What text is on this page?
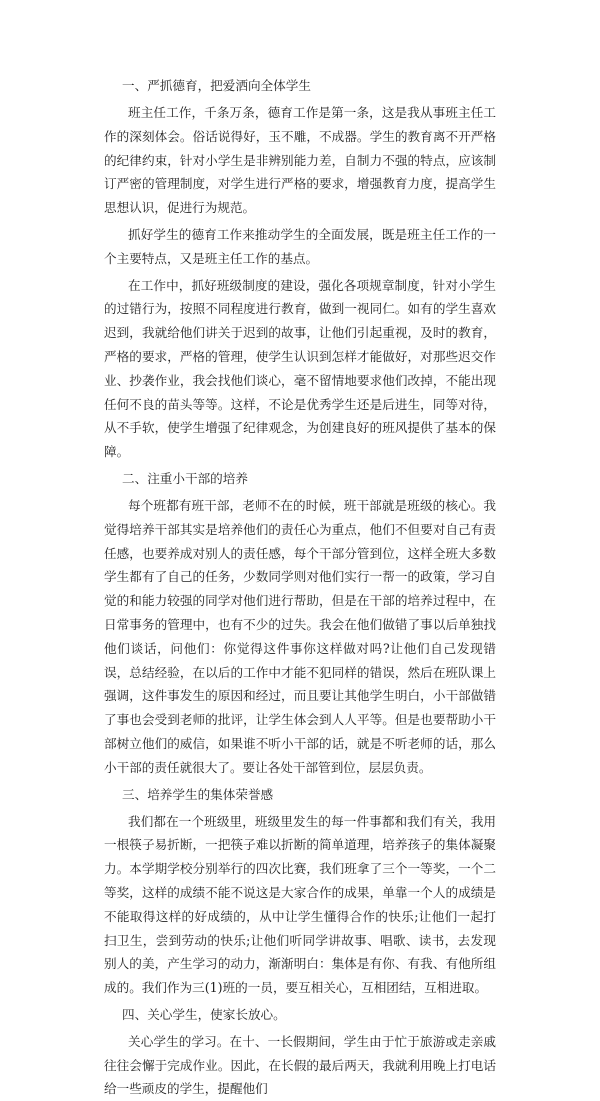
一、严抓德育，把爱洒向全体学生

班主任工作，千条万条，德育工作是第一条，这是我从事班主任工作的深刻体会。俗话说得好，玉不雕，不成器。学生的教育离不开严格的纪律约束，针对小学生是非辨别能力差，自制力不强的特点，应该制订严密的管理制度，对学生进行严格的要求，增强教育力度，提高学生思想认识，促进行为规范。

抓好学生的德育工作来推动学生的全面发展，既是班主任工作的一个主要特点，又是班主任工作的基点。

在工作中，抓好班级制度的建设，强化各项规章制度，针对小学生的过错行为，按照不同程度进行教育，做到一视同仁。如有的学生喜欢迟到，我就给他们讲关于迟到的故事，让他们引起重视，及时的教育，严格的要求，严格的管理，使学生认识到怎样才能做好，对那些迟交作业、抄袭作业，我会找他们谈心，毫不留情地要求他们改掉，不能出现任何不良的苗头等等。这样，不论是优秀学生还是后进生，同等对待，从不手软，使学生增强了纪律观念，为创建良好的班风提供了基本的保障。

二、注重小干部的培养

每个班都有班干部，老师不在的时候，班干部就是班级的核心。我觉得培养干部其实是培养他们的责任心为重点，他们不但要对自己有责任感，也要养成对别人的责任感，每个干部分管到位，这样全班大多数学生都有了自己的任务，少数同学则对他们实行一帮一的政策，学习自觉的和能力较强的同学对他们进行帮助，但是在干部的培养过程中，在日常事务的管理中，也有不少的过失。我会在他们做错了事以后单独找他们谈话，问他们：你觉得这件事你这样做对吗?让他们自己发现错误，总结经验，在以后的工作中才能不犯同样的错误，然后在班队课上强调，这件事发生的原因和经过，而且要让其他学生明白，小干部做错了事也会受到老师的批评，让学生体会到人人平等。但是也要帮助小干部树立他们的威信，如果谁不听小干部的话，就是不听老师的话，那么小干部的责任就很大了。要让各处干部管到位，层层负责。

三、培养学生的集体荣誉感

我们都在一个班级里，班级里发生的每一件事都和我们有关，我用一根筷子易折断，一把筷子难以折断的简单道理，培养孩子的集体凝聚力。本学期学校分别举行的四次比赛，我们班拿了三个一等奖，一个二等奖，这样的成绩不能不说这是大家合作的成果，单靠一个人的成绩是不能取得这样的好成绩的，从中让学生懂得合作的快乐;让他们一起打扫卫生，尝到劳动的快乐;让他们听同学讲故事、唱歌、读书，去发现别人的美，产生学习的动力，渐渐明白：集体是有你、有我、有他所组成的。我们作为三(1)班的一员，要互相关心，互相团结，互相进取。

四、关心学生，使家长放心。

关心学生的学习。在十、一长假期间，学生由于忙于旅游或走亲戚往往会懈于完成作业。因此，在长假的最后两天，我就利用晚上打电话给一些顽皮的学生，提醒他们
